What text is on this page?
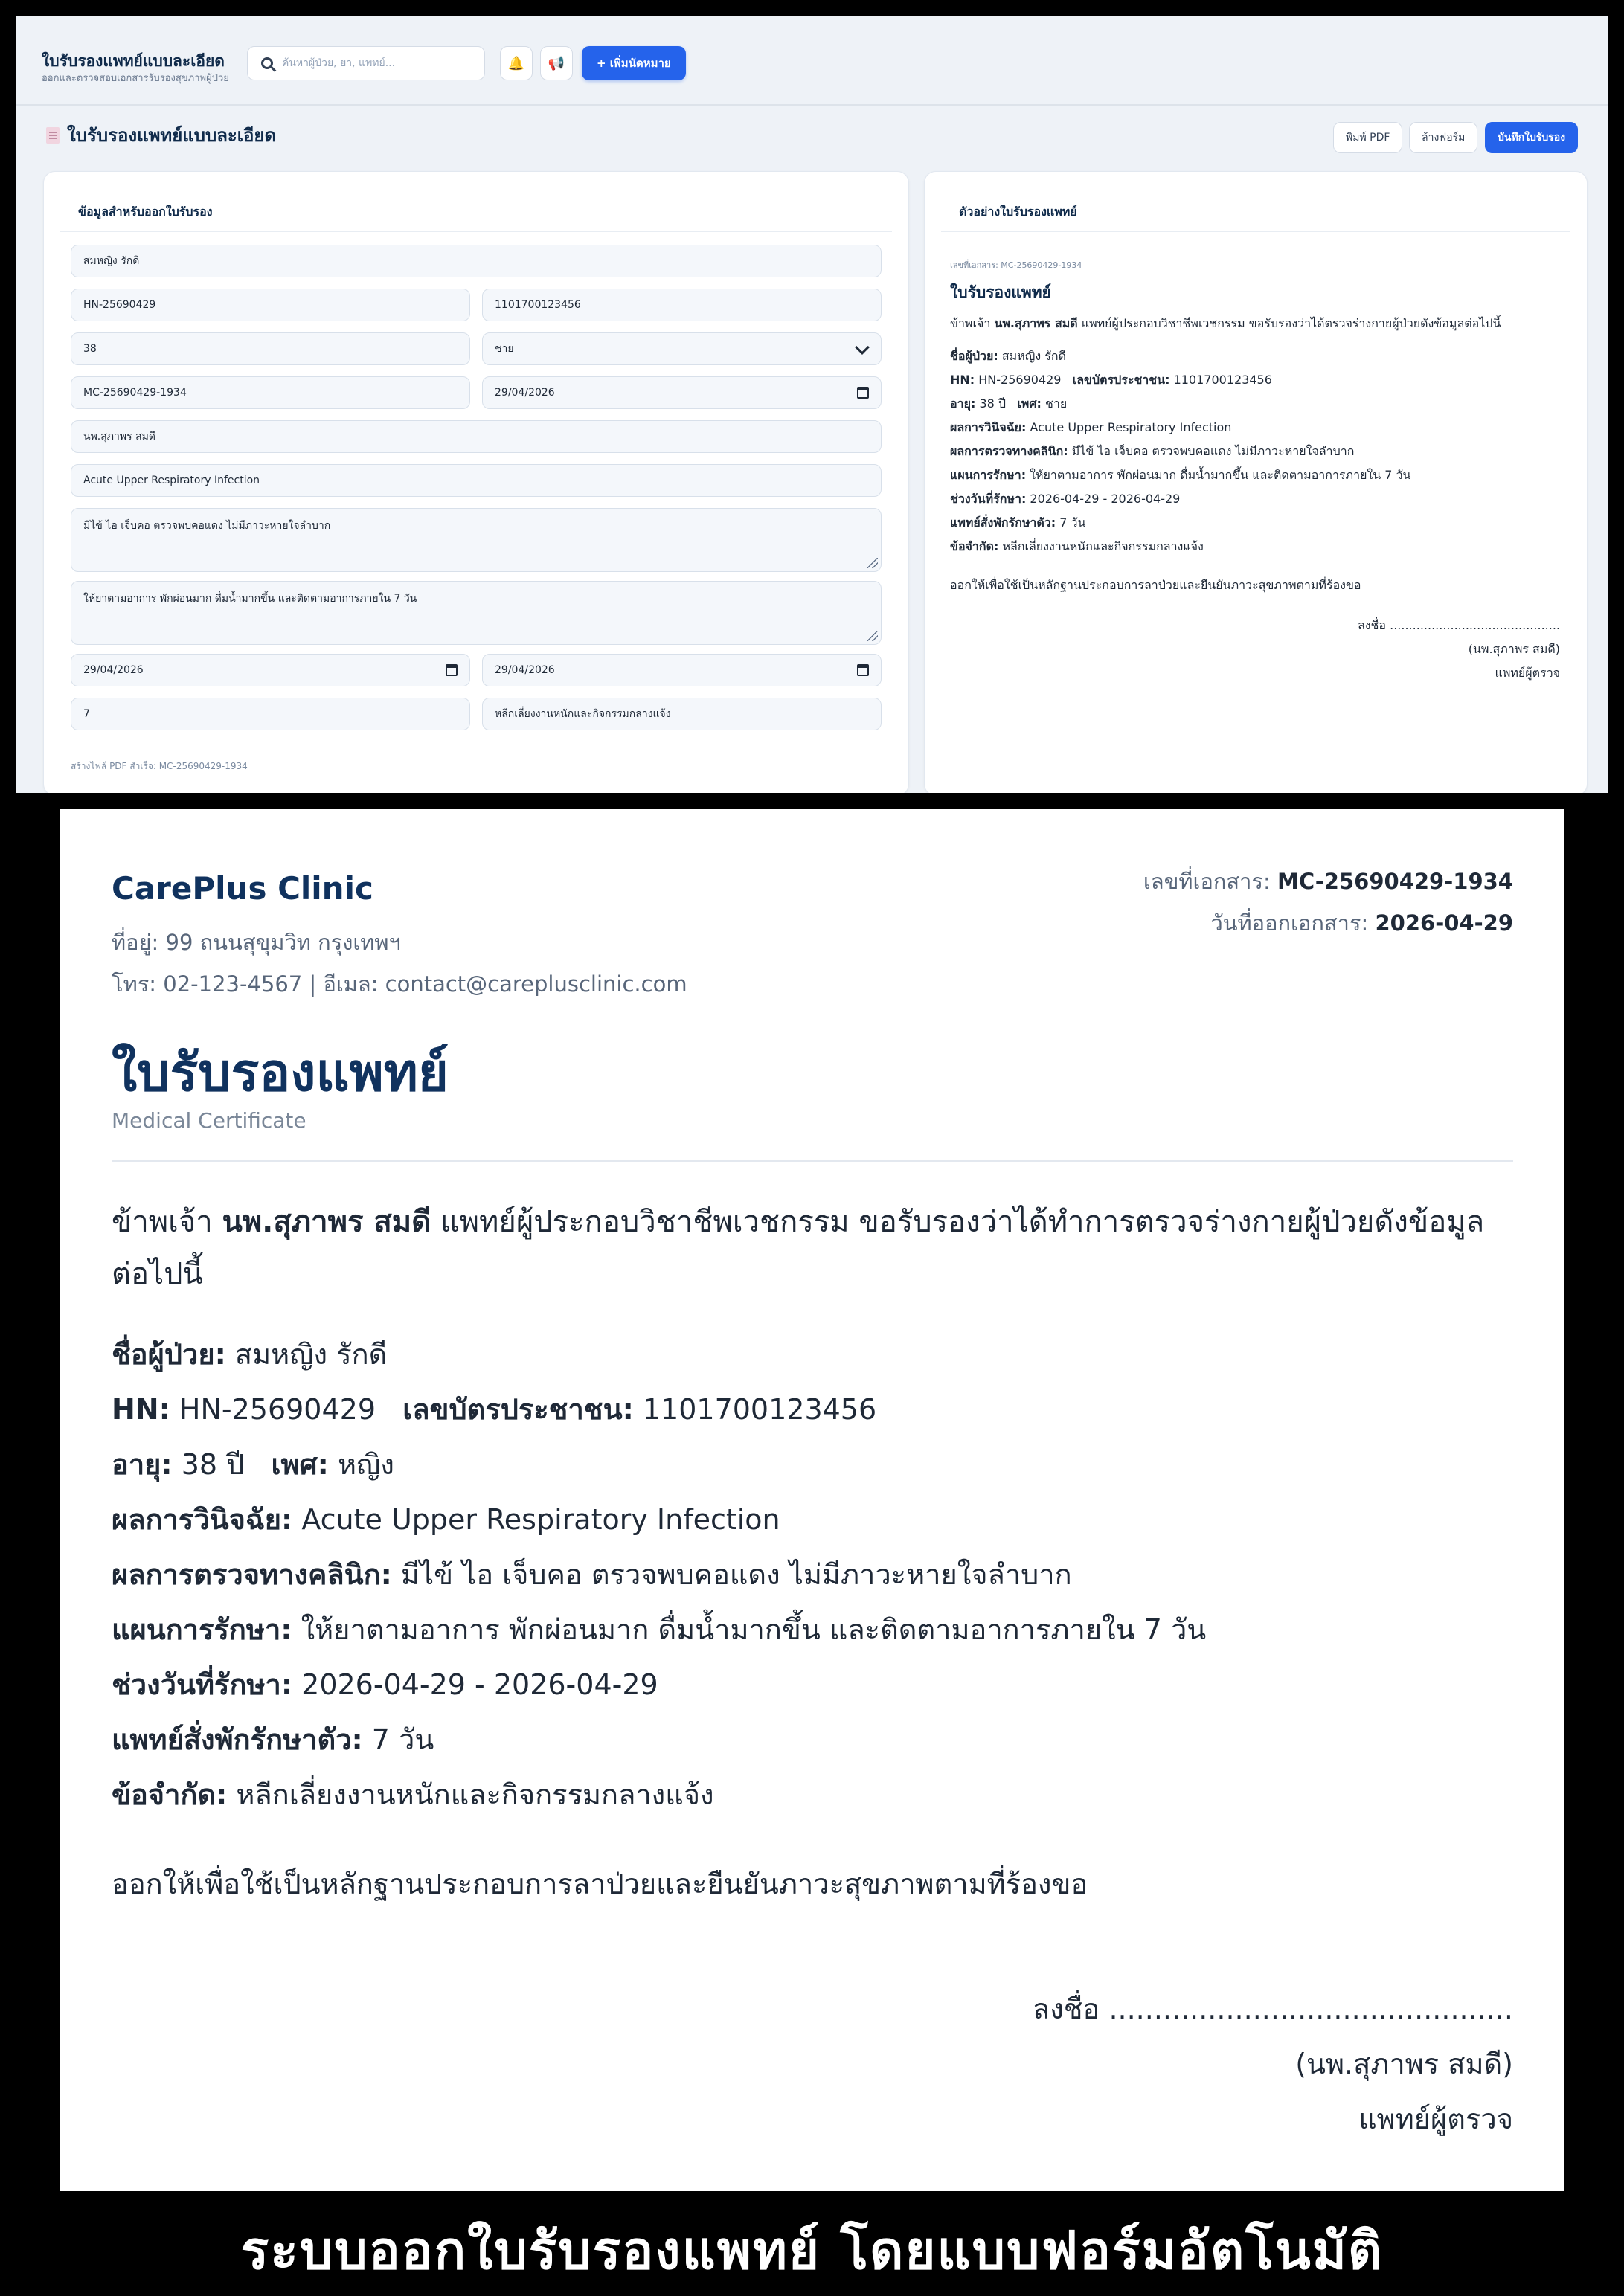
ใบรับรองแพทย์แบบละเอียด
ออกและตรวจสอบเอกสารรับรองสุขภาพผู้ป่วย
ค้นหาผู้ป่วย, ยา, แพทย์...
🔔 📢	+ เพิ่มนัดหมาย
ใบรับรองแพทย์แบบละเอียด	พิมพ์ PDF	ล้างฟอร์ม	บันทึกใบรับรอง
ข้อมูลสำหรับออกใบรับรอง
สมหญิง รักดี
HN-25690429	1101700123456
38	ชาย
MC-25690429-1934	29/04/2026
นพ.สุภาพร สมดี
Acute Upper Respiratory Infection
มีไข้ ไอ เจ็บคอ ตรวจพบคอแดง ไม่มีภาวะหายใจลำบาก
ให้ยาตามอาการ พักผ่อนมาก ดื่มน้ำมากขึ้น และติดตามอาการภายใน 7 วัน
29/04/2026	29/04/2026
7	หลีกเลี่ยงงานหนักและกิจกรรมกลางแจ้ง
สร้างไฟล์ PDF สำเร็จ: MC-25690429-1934
ตัวอย่างใบรับรองแพทย์
เลขที่เอกสาร: MC-25690429-1934
ใบรับรองแพทย์
ข้าพเจ้า นพ.สุภาพร สมดี แพทย์ผู้ประกอบวิชาชีพเวชกรรม ขอรับรองว่าได้ตรวจร่างกายผู้ป่วยดังข้อมูลต่อไปนี้
ชื่อผู้ป่วย: สมหญิง รักดี
HN: HN-25690429 เลขบัตรประชาชน: 1101700123456
อายุ: 38 ปี เพศ: ชาย
ผลการวินิจฉัย: Acute Upper Respiratory Infection
ผลการตรวจทางคลินิก: มีไข้ ไอ เจ็บคอ ตรวจพบคอแดง ไม่มีภาวะหายใจลำบาก
แผนการรักษา: ให้ยาตามอาการ พักผ่อนมาก ดื่มน้ำมากขึ้น และติดตามอาการภายใน 7 วัน
ช่วงวันที่รักษา: 2026-04-29 - 2026-04-29
แพทย์สั่งพักรักษาตัว: 7 วัน
ข้อจำกัด: หลีกเลี่ยงงานหนักและกิจกรรมกลางแจ้ง
ออกให้เพื่อใช้เป็นหลักฐานประกอบการลาป่วยและยืนยันภาวะสุขภาพตามที่ร้องขอ
ลงชื่อ .............................................
(นพ.สุภาพร สมดี)
แพทย์ผู้ตรวจ
CarePlus Clinic
ที่อยู่: 99 ถนนสุขุมวิท กรุงเทพฯ
โทร: 02-123-4567 | อีเมล: contact@careplusclinic.com
เลขที่เอกสาร: MC-25690429-1934
วันที่ออกเอกสาร: 2026-04-29
ใบรับรองแพทย์
Medical Certificate
ข้าพเจ้า นพ.สุภาพร สมดี แพทย์ผู้ประกอบวิชาชีพเวชกรรม ขอรับรองว่าได้ทำการตรวจร่างกายผู้ป่วยดังข้อมูลต่อไปนี้
ชื่อผู้ป่วย: สมหญิง รักดี
HN: HN-25690429 เลขบัตรประชาชน: 1101700123456
อายุ: 38 ปี เพศ: หญิง
ผลการวินิจฉัย: Acute Upper Respiratory Infection
ผลการตรวจทางคลินิก: มีไข้ ไอ เจ็บคอ ตรวจพบคอแดง ไม่มีภาวะหายใจลำบาก
แผนการรักษา: ให้ยาตามอาการ พักผ่อนมาก ดื่มน้ำมากขึ้น และติดตามอาการภายใน 7 วัน
ช่วงวันที่รักษา: 2026-04-29 - 2026-04-29
แพทย์สั่งพักรักษาตัว: 7 วัน
ข้อจำกัด: หลีกเลี่ยงงานหนักและกิจกรรมกลางแจ้ง
ออกให้เพื่อใช้เป็นหลักฐานประกอบการลาป่วยและยืนยันภาวะสุขภาพตามที่ร้องขอ
ลงชื่อ .............................................
(นพ.สุภาพร สมดี)
แพทย์ผู้ตรวจ
ระบบออกใบรับรองแพทย์ โดยแบบฟอร์มอัตโนมัติ
